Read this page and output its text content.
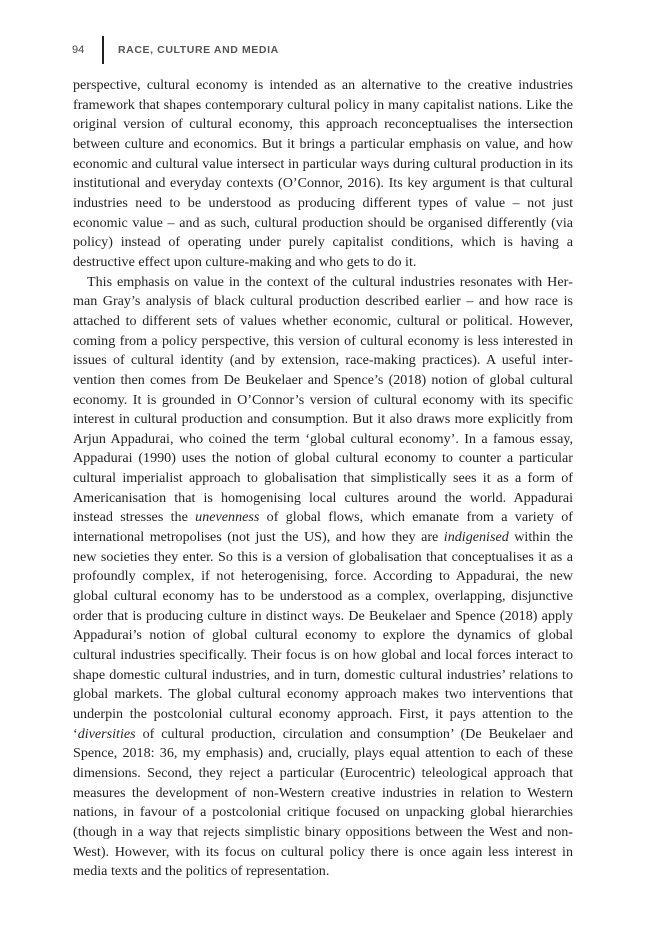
94	RACE, CULTURE AND MEDIA

perspective, cultural economy is intended as an alternative to the creative industries framework that shapes contemporary cultural policy in many capitalist nations. Like the original version of cultural economy, this approach reconceptualises the intersection between culture and economics. But it brings a particular emphasis on value, and how economic and cultural value intersect in particular ways during cultural production in its institutional and everyday contexts (O’Connor, 2016). Its key argument is that cultural industries need to be understood as producing different types of value – not just economic value – and as such, cultural production should be organised differently (via policy) instead of operating under purely capitalist conditions, which is having a destructive effect upon culture-making and who gets to do it.

This emphasis on value in the context of the cultural industries resonates with Herman Gray’s analysis of black cultural production described earlier – and how race is attached to different sets of values whether economic, cultural or political. However, coming from a policy perspective, this version of cultural economy is less interested in issues of cultural identity (and by extension, race-making practices). A useful intervention then comes from De Beukelaer and Spence’s (2018) notion of global cultural economy. It is grounded in O’Connor’s version of cultural economy with its specific interest in cultural production and consumption. But it also draws more explicitly from Arjun Appadurai, who coined the term ‘global cultural economy’. In a famous essay, Appadurai (1990) uses the notion of global cultural economy to counter a particular cultural imperialist approach to globalisation that simplistically sees it as a form of Americanisation that is homogenising local cultures around the world. Appadurai instead stresses the unevenness of global flows, which emanate from a variety of international metropolises (not just the US), and how they are indigenised within the new societies they enter. So this is a version of globalisation that conceptualises it as a profoundly complex, if not heterogenising, force. According to Appadurai, the new global cultural economy has to be understood as a complex, overlapping, disjunctive order that is producing culture in distinct ways. De Beukelaer and Spence (2018) apply Appadurai’s notion of global cultural economy to explore the dynamics of global cultural industries specifically. Their focus is on how global and local forces interact to shape domestic cultural industries, and in turn, domestic cultural industries’ relations to global markets. The global cultural economy approach makes two interventions that underpin the postcolonial cultural economy approach. First, it pays attention to the ‘diversities of cultural production, circulation and consumption’ (De Beukelaer and Spence, 2018: 36, my emphasis) and, crucially, plays equal attention to each of these dimensions. Second, they reject a particular (Eurocentric) teleological approach that measures the development of non-Western creative industries in relation to Western nations, in favour of a postcolonial critique focused on unpacking global hierarchies (though in a way that rejects simplistic binary oppositions between the West and non-West). However, with its focus on cultural policy there is once again less interest in media texts and the politics of representation.
